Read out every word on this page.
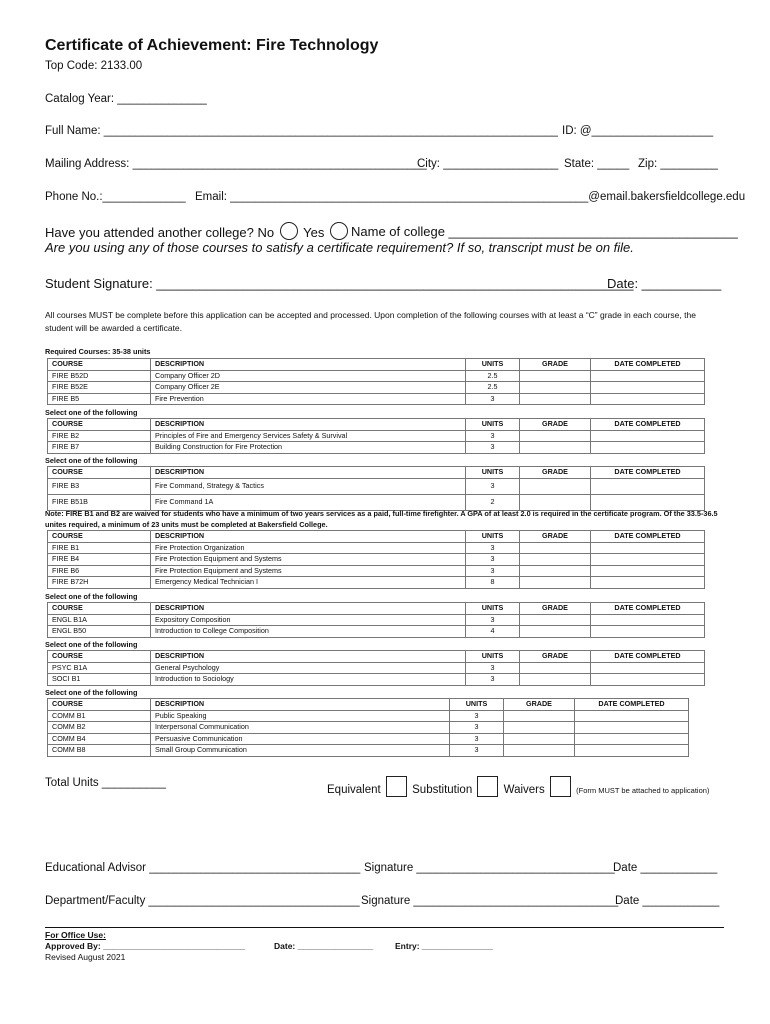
Certificate of Achievement: Fire Technology
Top Code: 2133.00
Catalog Year: ______________
Full Name: _______________________________________________________________________ ID: @___________________
Mailing Address: ______________________________________________
City: __________________ State: _____ Zip: _________
Phone No.:_____________ Email: ________________________________________________________@email.bakersfieldcollege.edu
Have you attended another college? No Yes	Name of college ________________________________________
Are you using any of those courses to satisfy a certificate requirement? If so, transcript must be on file.
Student Signature: __________________________________________________________________
Date: ___________
All courses MUST be complete before this application can be accepted and processed. Upon completion of the following courses with at least a “C” grade in each course, the student will be awarded a certificate.
Required Courses: 35-38 units
COURSE	DESCRIPTION	UNITS	GRADE	DATE COMPLETED
FIRE B52D	Company Officer 2D	2.5		
FIRE B52E	Company Officer 2E	2.5		
FIRE B5	Fire Prevention	3		
Select one of the following
COURSE	DESCRIPTION	UNITS	GRADE	DATE COMPLETED
FIRE B2	Principles of Fire and Emergency Services Safety & Survival	3		
FIRE B7	Building Construction for Fire Protection	3		
Select one of the following
COURSE	DESCRIPTION	UNITS	GRADE	DATE COMPLETED
FIRE B3	Fire Command, Strategy & Tactics	3		
FIRE B51B	Fire Command 1A	2		
Note: FIRE B1 and B2 are waived for students who have a minimum of two years services as a paid, full-time firefighter. A GPA of at least 2.0 is required in the certificate program. Of the 33.5-36.5 unites required, a minimum of 23 units must be completed at Bakersfield College.
COURSE	DESCRIPTION	UNITS	GRADE	DATE COMPLETED
FIRE B1	Fire Protection Organization	3		
FIRE B4	Fire Protection Equipment and Systems	3		
FIRE B6	Fire Protection Equipment and Systems	3		
FIRE B72H	Emergency Medical Technician I	8		
Select one of the following
COURSE	DESCRIPTION	UNITS	GRADE	DATE COMPLETED
ENGL B1A	Expository Composition	3		
ENGL B50	Introduction to College Composition	4		
Select one of the following
COURSE	DESCRIPTION	UNITS	GRADE	DATE COMPLETED
PSYC B1A	General Psychology	3		
SOCI B1	Introduction to Sociology	3		
Select one of the following
COURSE	DESCRIPTION	UNITS	GRADE	DATE COMPLETED
COMM B1	Public Speaking	3		
COMM B2	Interpersonal Communication	3		
COMM B4	Persuasive Communication	3		
COMM B8	Small Group Communication	3		
Total Units __________
Equivalent	Substitution	Waivers	(Form MUST be attached to application)
Educational Advisor _________________________________ Signature _______________________________
Date ____________
Department/Faculty _________________________________ Signature ________________________________
Date ____________
For Office Use:
Approved By: ______________________________	Date: ________________	Entry: _______________
Revised August 2021
